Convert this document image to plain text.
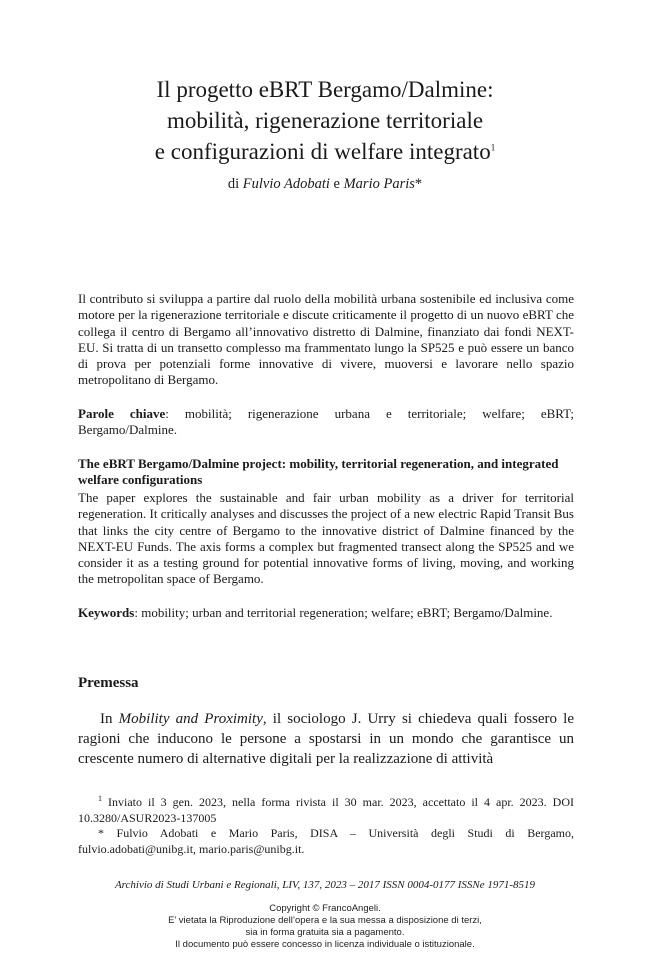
Il progetto eBRT Bergamo/Dalmine:
mobilità, rigenerazione territoriale
e configurazioni di welfare integrato$^1$

di Fulvio Adobati e Mario Paris*

Il contributo si sviluppa a partire dal ruolo della mobilità urbana sostenibile ed inclusiva come motore per la rigenerazione territoriale e discute criticamente il progetto di un nuovo eBRT che collega il centro di Bergamo all’innovativo distretto di Dalmine, finanziato dai fondi NEXT-EU. Si tratta di un transetto complesso ma frammentato lungo la SP525 e può essere un banco di prova per potenziali forme innovative di vivere, muoversi e lavorare nello spazio metropolitano di Bergamo.

Parole chiave: mobilità; rigenerazione urbana e territoriale; welfare; eBRT; Bergamo/Dalmine.

The eBRT Bergamo/Dalmine project: mobility, territorial regeneration, and integrated welfare configurations

The paper explores the sustainable and fair urban mobility as a driver for territorial regeneration. It critically analyses and discusses the project of a new electric Rapid Transit Bus that links the city centre of Bergamo to the innovative district of Dalmine financed by the NEXT-EU Funds. The axis forms a complex but fragmented transect along the SP525 and we consider it as a testing ground for potential innovative forms of living, moving, and working the metropolitan space of Bergamo.

Keywords: mobility; urban and territorial regeneration; welfare; eBRT; Bergamo/Dalmine.

Premessa

In Mobility and Proximity, il sociologo J. Urry si chiedeva quali fossero le ragioni che inducono le persone a spostarsi in un mondo che garantisce un crescente numero di alternative digitali per la realizzazione di attività

$^1$ Inviato il 3 gen. 2023, nella forma rivista il 30 mar. 2023, accettato il 4 apr. 2023. DOI 10.3280/ASUR2023-137005

* Fulvio Adobati e Mario Paris, DISA – Università degli Studi di Bergamo, fulvio.adobati@unibg.it, mario.paris@unibg.it.

Archivio di Studi Urbani e Regionali, LIV, 137, 2023 – 2017 ISSN 0004-0177 ISSNe 1971-8519

Copyright © FrancoAngeli.
E’ vietata la Riproduzione dell’opera e la sua messa a disposizione di terzi,
sia in forma gratuita sia a pagamento.
Il documento può essere concesso in licenza individuale o istituzionale.
